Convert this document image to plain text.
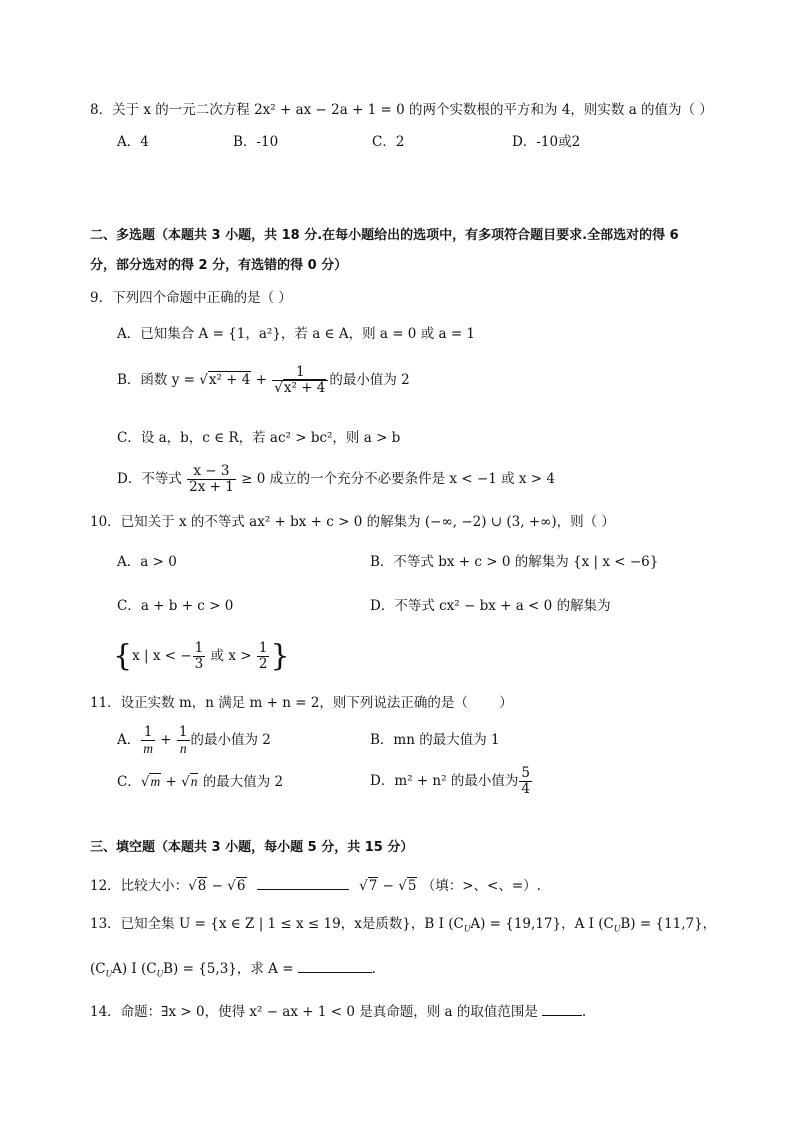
8．关于 x 的一元二次方程 2x² + ax − 2a + 1 = 0 的两个实数根的平方和为 4，则实数 a 的值为（ ）
A．4	B．-10	C．2	D．-10或2
二、多选题（本题共 3 小题，共 18 分.在每小题给出的选项中，有多项符合题目要求.全部选对的得 6
分，部分选对的得 2 分，有选错的得 0 分）
9．下列四个命题中正确的是（ ）
A．已知集合 A = {1，a²}，若 a ∈ A，则 a = 0 或 a = 1
B．函数 $y = √x^2 + 4 + \frac{1}{\text{√x² + 4}}$ 的最小值为 2
C．设 a，b，c ∈ R，若 ac² > bc²，则 a > b
D．不等式 $\frac{x - 3}{2x + 1} \ge 0$ 成立的一个充分不必要条件是 x < −1 或 x > 4
10．已知关于 x 的不等式 ax² + bx + c > 0 的解集为 (−∞, −2) ∪ (3, +∞)，则（ ）
A．a > 0	B．不等式 bx + c > 0 的解集为 {x | x < −6}
C．a + b + c > 0	D．不等式 cx² − bx + a < 0 的解集为
{x | x < − $\frac{1}{3}$ 或 $x > \frac{1}{2}$ }
11．设正实数 m，n 满足 m + n = 2，则下列说法正确的是（　　 ）
A． $\frac{1}{m} + \frac{1}{n}$ 的最小值为 2	B．mn 的最大值为 1
C．√m + √n 的最大值为 2	D．m² + n² 的最小值为 $\frac{5}{4}$
三、填空题（本题共 3 小题，每小题 5 分，共 15 分）
12．比较大小：√8 − √6	√7 − √5 （填：>、<、=）.
13．已知全集 U = {x ∈ Z | 1 ≤ x ≤ 19，x是质数}，B I $(C_UA) = \{19,17\}$，A I $(C_UB) = \{11,7\}$，
$(C_UA)$ I $(C_UB) = \{5,3\}$，求 A =	.
14．命题：∃x > 0，使得 x² − ax + 1 < 0 是真命题，则 a 的取值范围是	.
